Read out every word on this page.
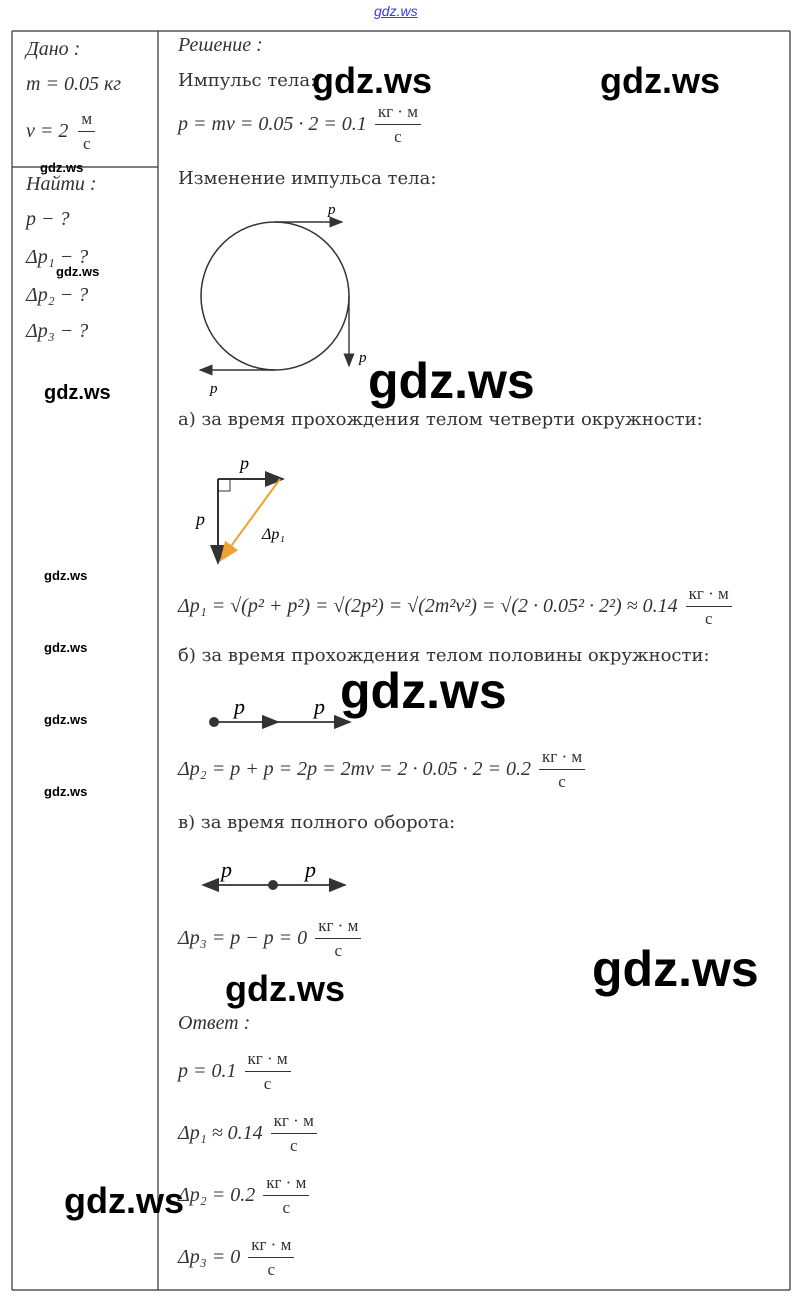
gdz.ws
Дано :
m = 0.05 кг
$v = 2 \frac{м}{с}$
Найти :
p − ?
Δp₁ − ?
Δp₂ − ?
Δp₃ − ?
Решение :
Импульс тела:
p = mv = $0.05 \cdot 2 = 0.1 \frac{кг \cdot м}{с}$
Изменение импульса тела:
p
p
p
а) за время прохождения телом четверти окружности:
p
p
Δp₁
$\Delta p_1 = √(p^2 + p^2) = √(2p^2) = √(2m^2v^2) = √(2 \cdot 0.05^2 \cdot 2^2) \approx 0.14 \frac{кг \cdot м}{с}$
б) за время прохождения телом половины окружности:
p	p
$\Delta p_2 = p + p = 2p = 2mv = 2 \cdot 0.05 \cdot 2 = 0.2 \frac{кг \cdot м}{с}$
в) за время полного оборота:
p	p
$\Delta p_3 = p - p = 0 \frac{кг \cdot м}{с}$
Ответ :
$p = 0.1 \frac{кг \cdot м}{с}$
$\Delta p_1 \approx 0.14 \frac{кг \cdot м}{с}$
$\Delta p_2 = 0.2 \frac{кг \cdot м}{с}$
$\Delta p_3 = 0 \frac{кг \cdot м}{с}$
gdz.ws	gdz.ws
gdz.ws
gdz.ws
gdz.ws
gdz.ws
gdz.ws
gdz.ws
gdz.ws
gdz.ws
gdz.ws
gdz.ws
gdz.ws
gdz.ws
